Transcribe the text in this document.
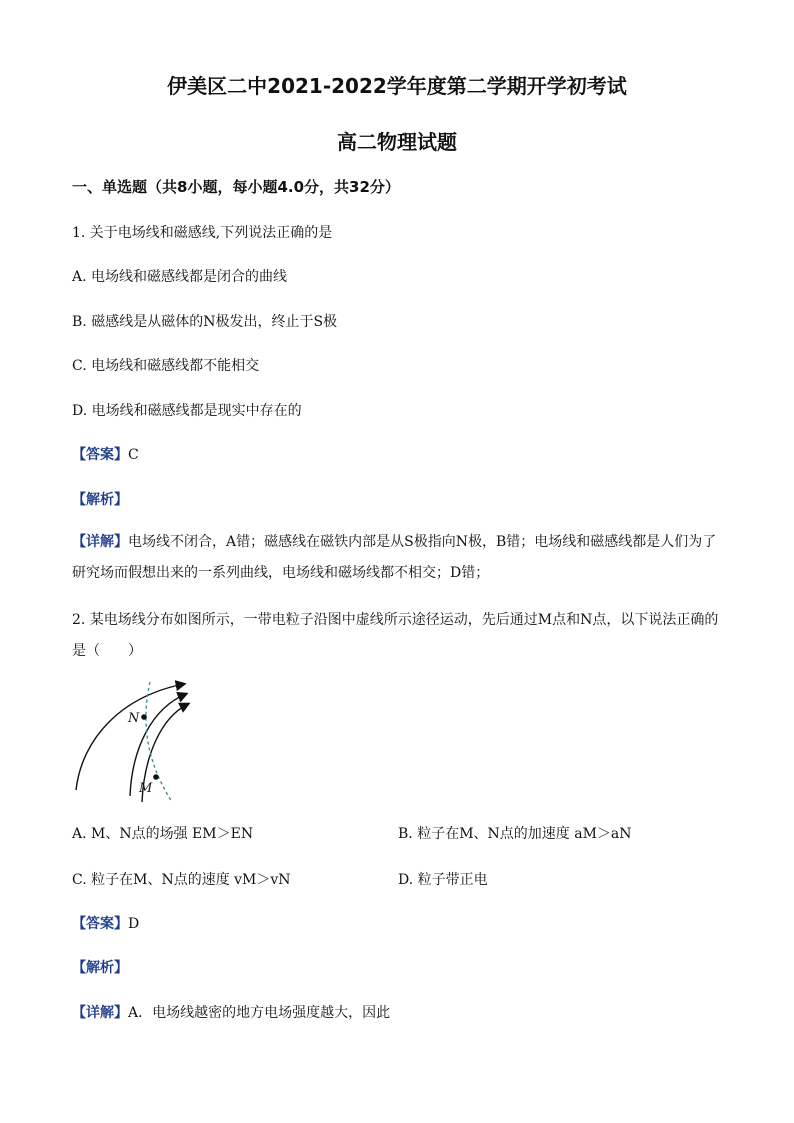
伊美区二中2021-2022学年度第二学期开学初考试
高二物理试题
一、单选题（共8小题，每小题4.0分，共32分）
1. 关于电场线和磁感线,下列说法正确的是
A. 电场线和磁感线都是闭合的曲线
B. 磁感线是从磁体的N极发出，终止于S极
C. 电场线和磁感线都不能相交
D. 电场线和磁感线都是现实中存在的
【答案】C
【解析】
【详解】电场线不闭合，A错；磁感线在磁铁内部是从S极指向N极，B错；电场线和磁感线都是人们为了研究场而假想出来的一系列曲线，电场线和磁场线都不相交；D错；
2. 某电场线分布如图所示，一带电粒子沿图中虚线所示途径运动，先后通过M点和N点，以下说法正确的
是（　　）
N
M
A. M、N点的场强 EM＞EN	B. 粒子在M、N点的加速度 aM＞aN
C. 粒子在M、N点的速度 vM＞vN	D. 粒子带正电
【答案】D
【解析】
【详解】A．电场线越密的地方电场强度越大，因此
